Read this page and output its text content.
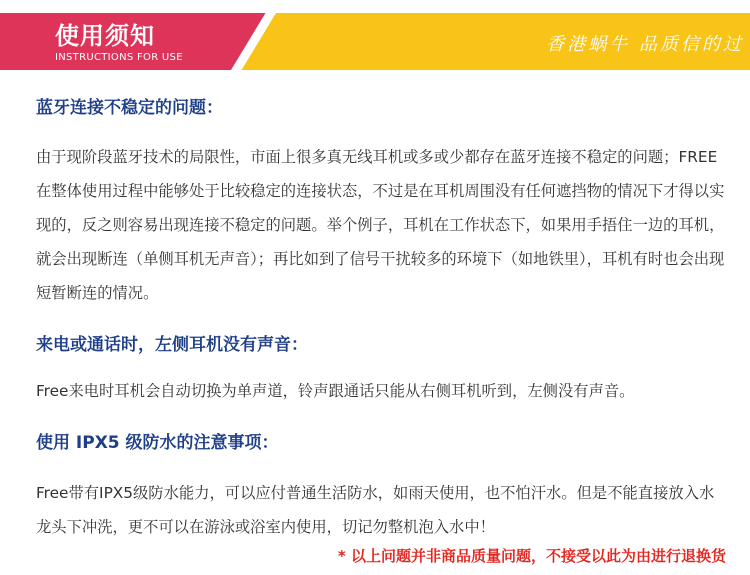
使用须知
INSTRUCTIONS FOR USE
香港蜗牛 品质信的过
蓝牙连接不稳定的问题：
由于现阶段蓝牙技术的局限性，市面上很多真无线耳机或多或少都存在蓝牙连接不稳定的问题；FREE在整体使用过程中能够处于比较稳定的连接状态，不过是在耳机周围没有任何遮挡物的情况下才得以实现的，反之则容易出现连接不稳定的问题。举个例子，耳机在工作状态下，如果用手捂住一边的耳机，就会出现断连（单侧耳机无声音）；再比如到了信号干扰较多的环境下（如地铁里），耳机有时也会出现短暂断连的情况。
来电或通话时，左侧耳机没有声音：
Free来电时耳机会自动切换为单声道，铃声跟通话只能从右侧耳机听到，左侧没有声音。
使用 IPX5 级防水的注意事项：
Free带有IPX5级防水能力，可以应付普通生活防水，如雨天使用，也不怕汗水。但是不能直接放入水龙头下冲洗，更不可以在游泳或浴室内使用，切记勿整机泡入水中！
* 以上问题并非商品质量问题，不接受以此为由进行退换货
